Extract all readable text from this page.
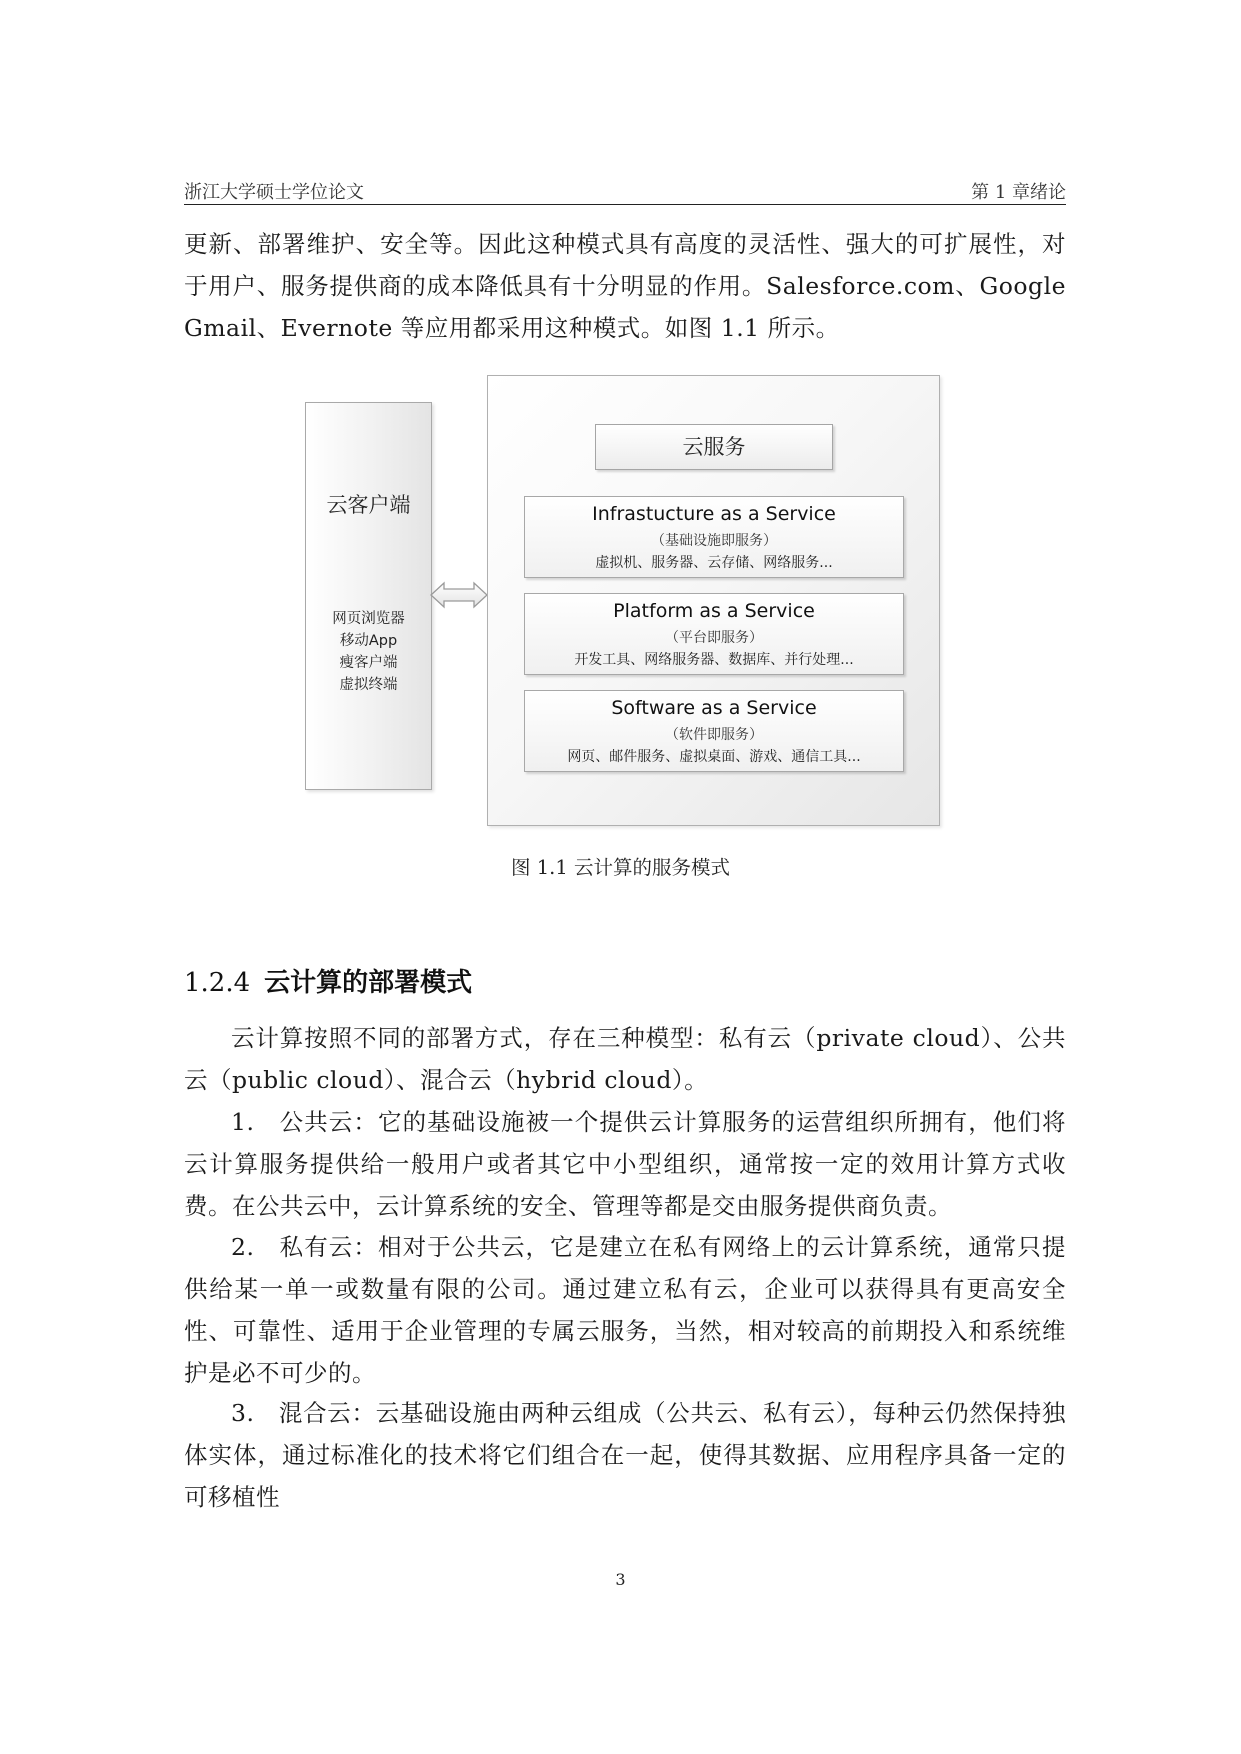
浙江大学硕士学位论文	第 1 章绪论

更新、部署维护、安全等。因此这种模式具有高度的灵活性、强大的可扩展性，对于用户、服务提供商的成本降低具有十分明显的作用。Salesforce.com、Google Gmail、Evernote 等应用都采用这种模式。如图 1.1 所示。

云客户端
网页浏览器
移动App
瘦客户端
虚拟终端
云服务
Infrastucture as a Service
（基础设施即服务）
虚拟机、服务器、云存储、网络服务...
Platform as a Service
（平台即服务）
开发工具、网络服务器、数据库、并行处理...
Software as a Service
（软件即服务）
网页、邮件服务、虚拟桌面、游戏、通信工具...
图 1.1 云计算的服务模式
1.2.4 云计算的部署模式

云计算按照不同的部署方式，存在三种模型：私有云（private cloud）、公共云（public cloud）、混合云（hybrid cloud）。

1.　公共云：它的基础设施被一个提供云计算服务的运营组织所拥有，他们将云计算服务提供给一般用户或者其它中小型组织，通常按一定的效用计算方式收费。在公共云中，云计算系统的安全、管理等都是交由服务提供商负责。

2.　私有云：相对于公共云，它是建立在私有网络上的云计算系统，通常只提供给某一单一或数量有限的公司。通过建立私有云，企业可以获得具有更高安全性、可靠性、适用于企业管理的专属云服务，当然，相对较高的前期投入和系统维护是必不可少的。

3.　混合云：云基础设施由两种云组成（公共云、私有云），每种云仍然保持独体实体，通过标准化的技术将它们组合在一起，使得其数据、应用程序具备一定的可移植性

3
